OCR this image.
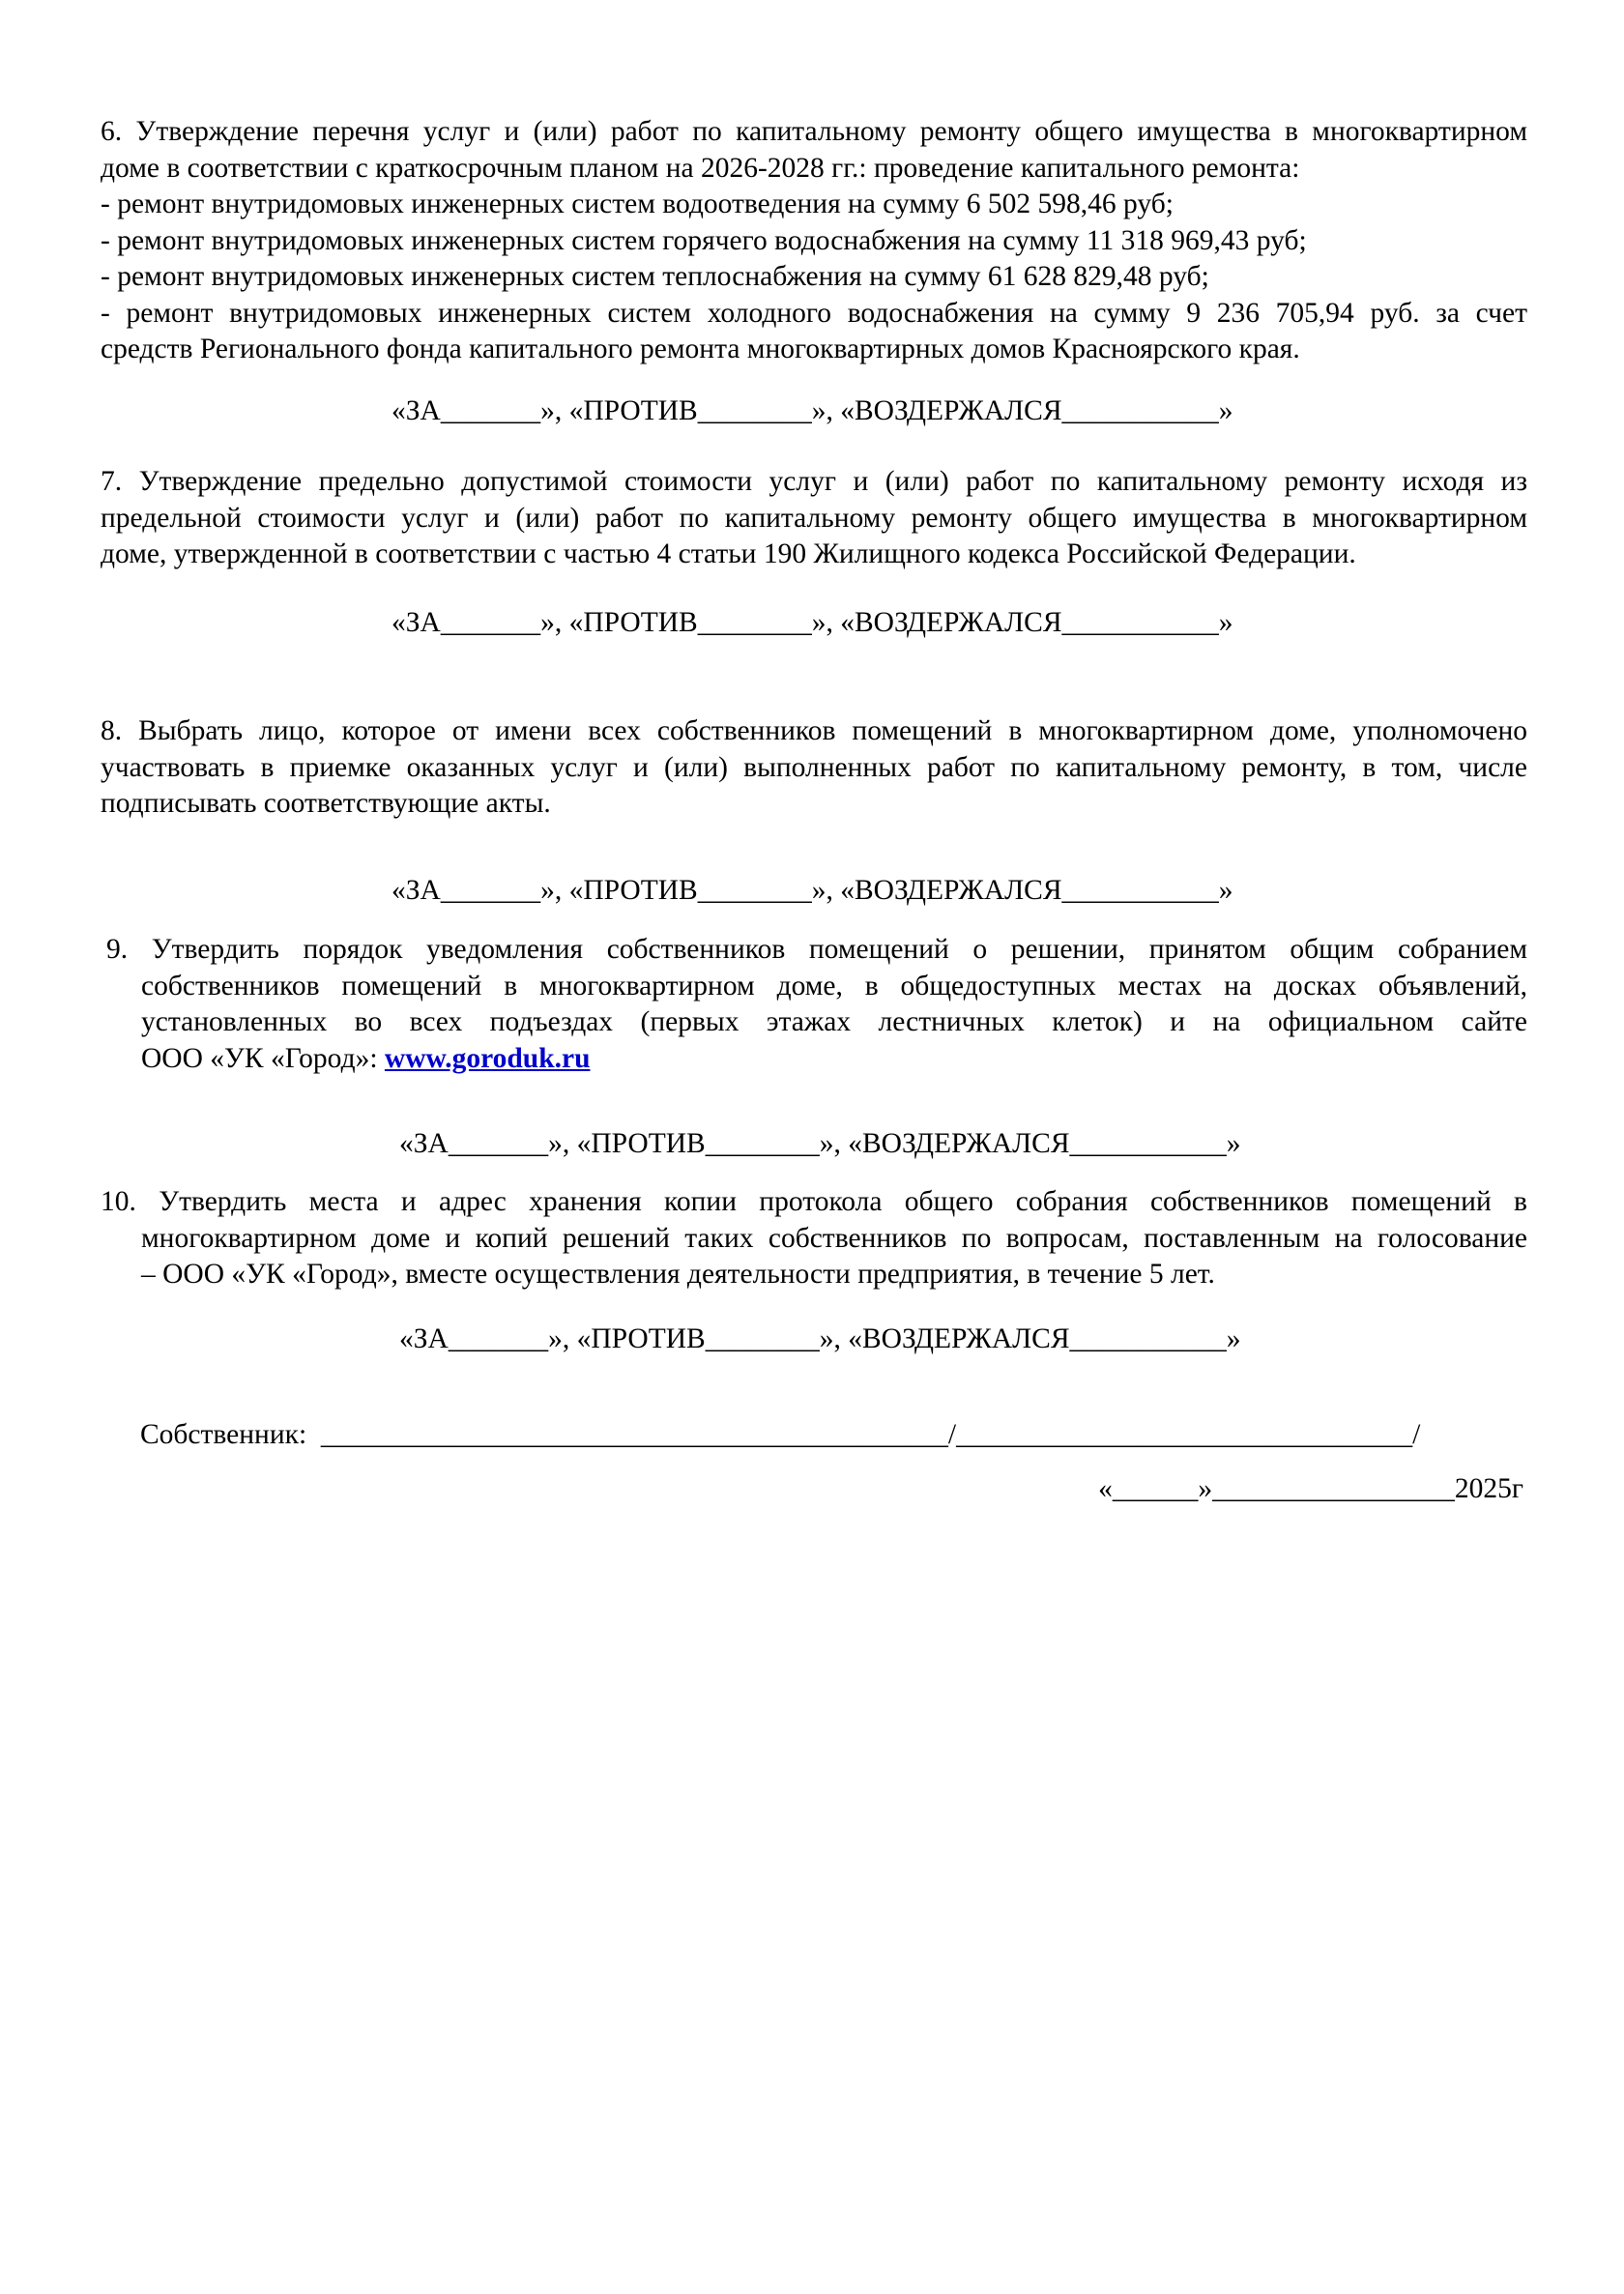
6. Утверждение перечня услуг и (или) работ по капитальному ремонту общего имущества в многоквартирном
доме в соответствии с краткосрочным планом на 2026-2028 гг.: проведение капитального ремонта:
- ремонт внутридомовых инженерных систем водоотведения на сумму 6 502 598,46 руб;
- ремонт внутридомовых инженерных систем горячего водоснабжения на сумму 11 318 969,43 руб;
- ремонт внутридомовых инженерных систем теплоснабжения на сумму 61 628 829,48 руб;
- ремонт внутридомовых инженерных систем холодного водоснабжения на сумму 9 236 705,94 руб. за счет
средств Регионального фонда капитального ремонта многоквартирных домов Красноярского края.
«ЗА_______», «ПРОТИВ________», «ВОЗДЕРЖАЛСЯ___________»
7. Утверждение предельно допустимой стоимости услуг и (или) работ по капитальному ремонту исходя из
предельной стоимости услуг и (или) работ по капитальному ремонту общего имущества в многоквартирном
доме, утвержденной в соответствии с частью 4 статьи 190 Жилищного кодекса Российской Федерации.
«ЗА_______», «ПРОТИВ________», «ВОЗДЕРЖАЛСЯ___________»
8. Выбрать лицо, которое от имени всех собственников помещений в многоквартирном доме, уполномочено
участвовать в приемке оказанных услуг и (или) выполненных работ по капитальному ремонту, в том, числе
подписывать соответствующие акты.
«ЗА_______», «ПРОТИВ________», «ВОЗДЕРЖАЛСЯ___________»
9. Утвердить порядок уведомления собственников помещений о решении, принятом общим собранием
собственников помещений в многоквартирном доме, в общедоступных местах на досках объявлений,
установленных во всех подъездах (первых этажах лестничных клеток) и на официальном сайте
ООО «УК «Город»: www.goroduk.ru
«ЗА_______», «ПРОТИВ________», «ВОЗДЕРЖАЛСЯ___________»
10. Утвердить места и адрес хранения копии протокола общего собрания собственников помещений в
многоквартирном доме и копий решений таких собственников по вопросам, поставленным на голосование
– ООО «УК «Город», вместе осуществления деятельности предприятия, в течение 5 лет.
«ЗА_______», «ПРОТИВ________», «ВОЗДЕРЖАЛСЯ___________»
Собственник:  ____________________________________________/________________________________/
«______»_________________2025г
